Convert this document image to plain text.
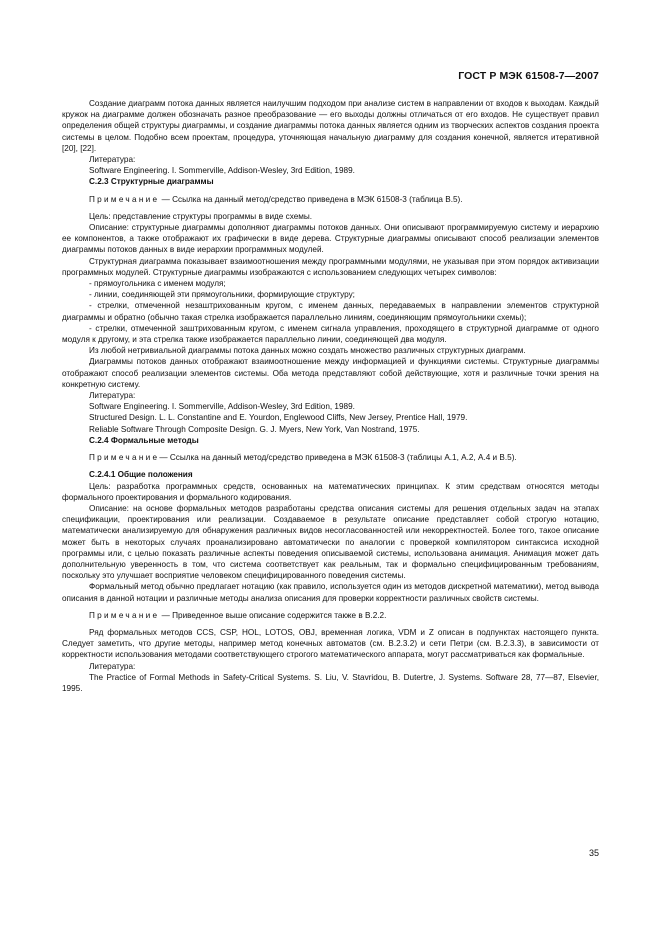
ГОСТ Р МЭК 61508-7—2007

Создание диаграмм потока данных является наилучшим подходом при анализе систем в направлении от входов к выходам. Каждый кружок на диаграмме должен обозначать разное преобразование — его выходы должны отличаться от его входов. Не существует правил определения общей структуры диаграммы, и создание диаграммы потока данных является одним из творческих аспектов создания проекта системы в целом. Подобно всем проектам, процедура, уточняющая начальную диаграмму для создания конечной, является итеративной [20], [22].

Литература:

Software Engineering. I. Sommerville, Addison-Wesley, 3rd Edition, 1989.

С.2.3 Структурные диаграммы

Примечание — Ссылка на данный метод/средство приведена в МЭК 61508-3 (таблица В.5).

Цель: представление структуры программы в виде схемы.

Описание: структурные диаграммы дополняют диаграммы потоков данных. Они описывают программируемую систему и иерархию ее компонентов, а также отображают их графически в виде дерева. Структурные диаграммы описывают способ реализации элементов диаграммы потоков данных в виде иерархии программных модулей.

Структурная диаграмма показывает взаимоотношения между программными модулями, не указывая при этом порядок активизации программных модулей. Структурные диаграммы изображаются с использованием следующих четырех символов:

- прямоугольника с именем модуля;

- линии, соединяющей эти прямоугольники, формирующие структуру;

- стрелки, отмеченной незаштрихованным кругом, с именем данных, передаваемых в направлении элементов структурной диаграммы и обратно (обычно такая стрелка изображается параллельно линиям, соединяющим прямоугольники схемы);

- стрелки, отмеченной заштрихованным кругом, с именем сигнала управления, проходящего в структурной диаграмме от одного модуля к другому, и эта стрелка также изображается параллельно линии, соединяющей два модуля.

Из любой нетривиальной диаграммы потока данных можно создать множество различных структурных диаграмм.

Диаграммы потоков данных отображают взаимоотношение между информацией и функциями системы. Структурные диаграммы отображают способ реализации элементов системы. Оба метода представляют собой действующие, хотя и различные точки зрения на конкретную систему.

Литература:

Software Engineering. I. Sommerville, Addison-Wesley, 3rd Edition, 1989.

Structured Design. L. L. Constantine and E. Yourdon, Englewood Cliffs, New Jersey, Prentice Hall, 1979.

Reliable Software Through Composite Design. G. J. Myers, New York, Van Nostrand, 1975.

С.2.4 Формальные методы

Примечание— Ссылка на данный метод/средство приведена в МЭК 61508-3 (таблицы А.1, А.2, А.4 и В.5).

С.2.4.1 Общие положения

Цель: разработка программных средств, основанных на математических принципах. К этим средствам относятся методы формального проектирования и формального кодирования.

Описание: на основе формальных методов разработаны средства описания системы для решения отдельных задач на этапах спецификации, проектирования или реализации. Создаваемое в результате описание представляет собой строгую нотацию, математически анализируемую для обнаружения различных видов несогласованностей или некорректностей. Более того, такое описание может быть в некоторых случаях проанализировано автоматически по аналогии с проверкой компилятором синтаксиса исходной программы или, с целью показать различные аспекты поведения описываемой системы, использована анимация. Анимация может дать дополнительную уверенность в том, что система соответствует как реальным, так и формально специфицированным требованиям, поскольку это улучшает восприятие человеком специфицированного поведения системы.

Формальный метод обычно предлагает нотацию (как правило, используется один из методов дискретной математики), метод вывода описания в данной нотации и различные методы анализа описания для проверки корректности различных свойств системы.

Примечание — Приведенное выше описание содержится также в В.2.2.

Ряд формальных методов CCS, CSP, HOL, LOTOS, OBJ, временная логика, VDM и Z описан в подпунктах настоящего пункта. Следует заметить, что другие методы, например метод конечных автоматов (см. В.2.3.2) и сети Петри (см. В.2.3.3), в зависимости от корректности использования методами соответствующего строгого математического аппарата, могут рассматриваться как формальные.

Литература:

The Practice of Formal Methods in Safety-Critical Systems. S. Liu, V. Stavridou, B. Dutertre, J. Systems. Software 28, 77—87, Elsevier, 1995.

35
